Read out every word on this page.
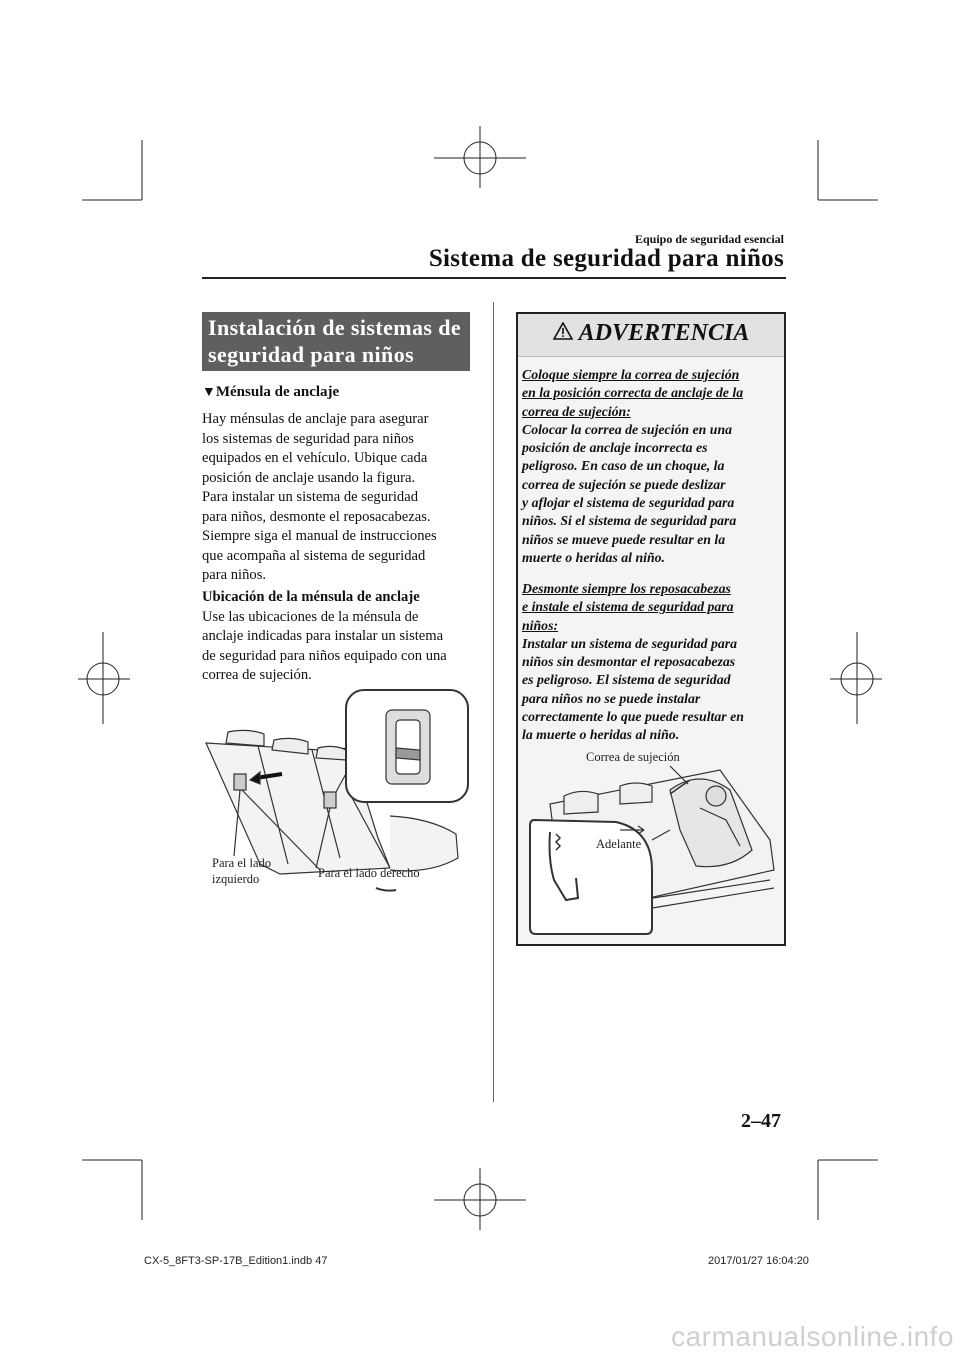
Equipo de seguridad esencial
Sistema de seguridad para niños
Instalación de sistemas de
seguridad para niños
▼Ménsula de anclaje

Hay ménsulas de anclaje para asegurar

los sistemas de seguridad para niños

equipados en el vehículo. Ubique cada

posición de anclaje usando la figura.

Para instalar un sistema de seguridad

para niños, desmonte el reposacabezas.

Siempre siga el manual de instrucciones

que acompaña al sistema de seguridad

para niños.

Ubicación de la ménsula de anclaje

Use las ubicaciones de la ménsula de

anclaje indicadas para instalar un sistema

de seguridad para niños equipado con una

correa de sujeción.

Para el lado
izquierdo	Para el lado derecho
ADVERTENCIA

Coloque siempre la correa de sujeción

en la posición correcta de anclaje de la

correa de sujeción:

Colocar la correa de sujeción en una

posición de anclaje incorrecta es

peligroso. En caso de un choque, la

correa de sujeción se puede deslizar

y aflojar el sistema de seguridad para

niños. Si el sistema de seguridad para

niños se mueve puede resultar en la

muerte o heridas al niño.

Desmonte siempre los reposacabezas

e instale el sistema de seguridad para

niños:

Instalar un sistema de seguridad para

niños sin desmontar el reposacabezas

es peligroso. El sistema de seguridad

para niños no se puede instalar

correctamente lo que puede resultar en

la muerte o heridas al niño.

Correa de sujeción
Adelante
2–47
CX-5_8FT3-SP-17B_Edition1.indb 47	2017/01/27 16:04:20
carmanualsonline.info
